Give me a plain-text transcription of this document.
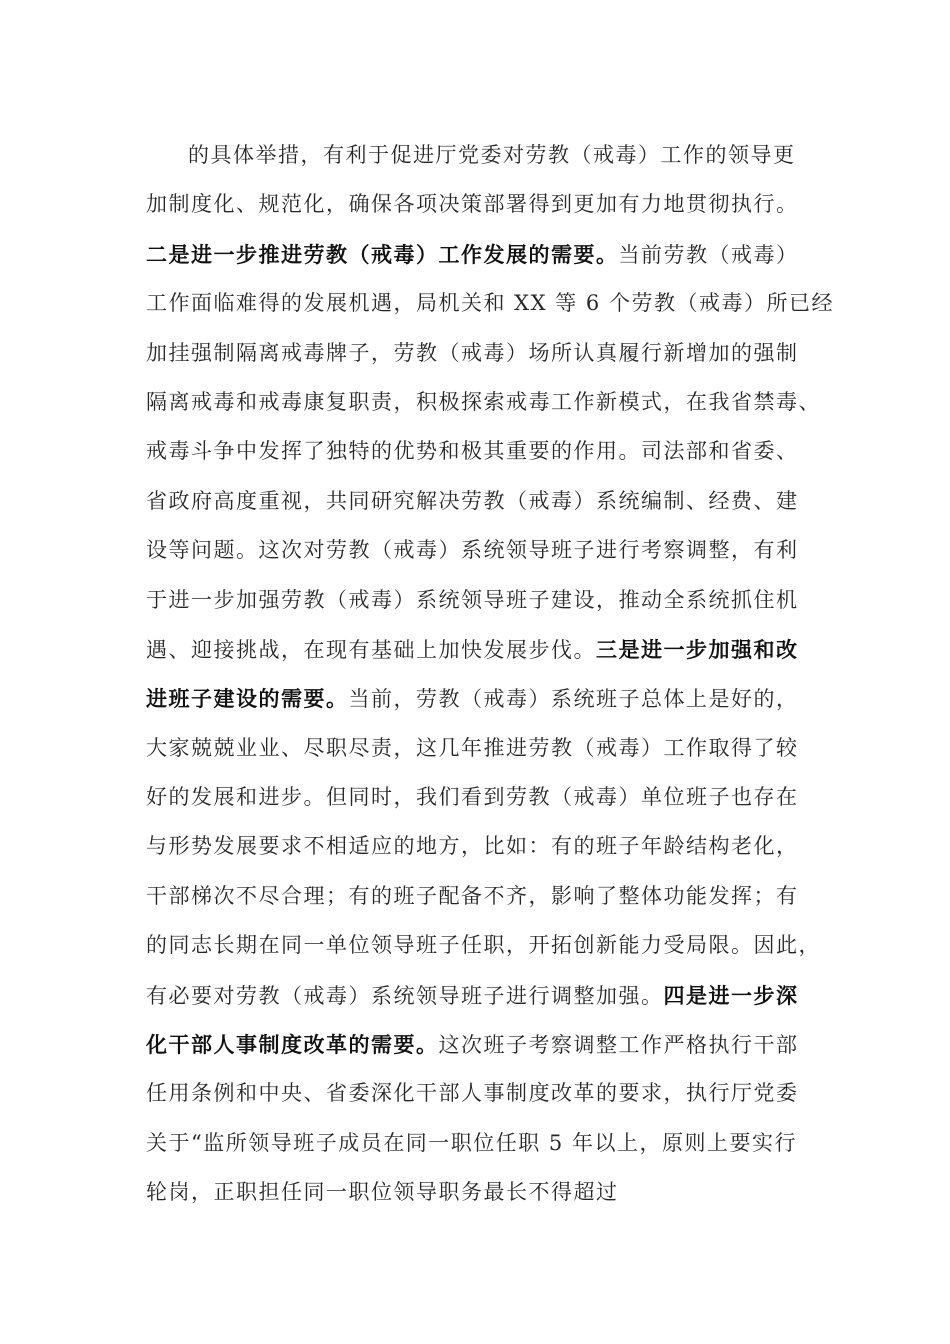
的具体举措，有利于促进厅党委对劳教（戒毒）工作的领导更
加制度化、规范化，确保各项决策部署得到更加有力地贯彻执行。
二是进一步推进劳教（戒毒）工作发展的需要。当前劳教（戒毒）
工作面临难得的发展机遇，局机关和 XX 等 6 个劳教（戒毒）所已经
加挂强制隔离戒毒牌子，劳教（戒毒）场所认真履行新增加的强制
隔离戒毒和戒毒康复职责，积极探索戒毒工作新模式，在我省禁毒、
戒毒斗争中发挥了独特的优势和极其重要的作用。司法部和省委、
省政府高度重视，共同研究解决劳教（戒毒）系统编制、经费、建
设等问题。这次对劳教（戒毒）系统领导班子进行考察调整，有利
于进一步加强劳教（戒毒）系统领导班子建设，推动全系统抓住机
遇、迎接挑战，在现有基础上加快发展步伐。三是进一步加强和改
进班子建设的需要。当前，劳教（戒毒）系统班子总体上是好的，
大家兢兢业业、尽职尽责，这几年推进劳教（戒毒）工作取得了较
好的发展和进步。但同时，我们看到劳教（戒毒）单位班子也存在
与形势发展要求不相适应的地方，比如：有的班子年龄结构老化，
干部梯次不尽合理；有的班子配备不齐，影响了整体功能发挥；有
的同志长期在同一单位领导班子任职，开拓创新能力受局限。因此，
有必要对劳教（戒毒）系统领导班子进行调整加强。四是进一步深
化干部人事制度改革的需要。这次班子考察调整工作严格执行干部
任用条例和中央、省委深化干部人事制度改革的要求，执行厅党委
关于“监所领导班子成员在同一职位任职 5 年以上，原则上要实行
轮岗，正职担任同一职位领导职务最长不得超过
